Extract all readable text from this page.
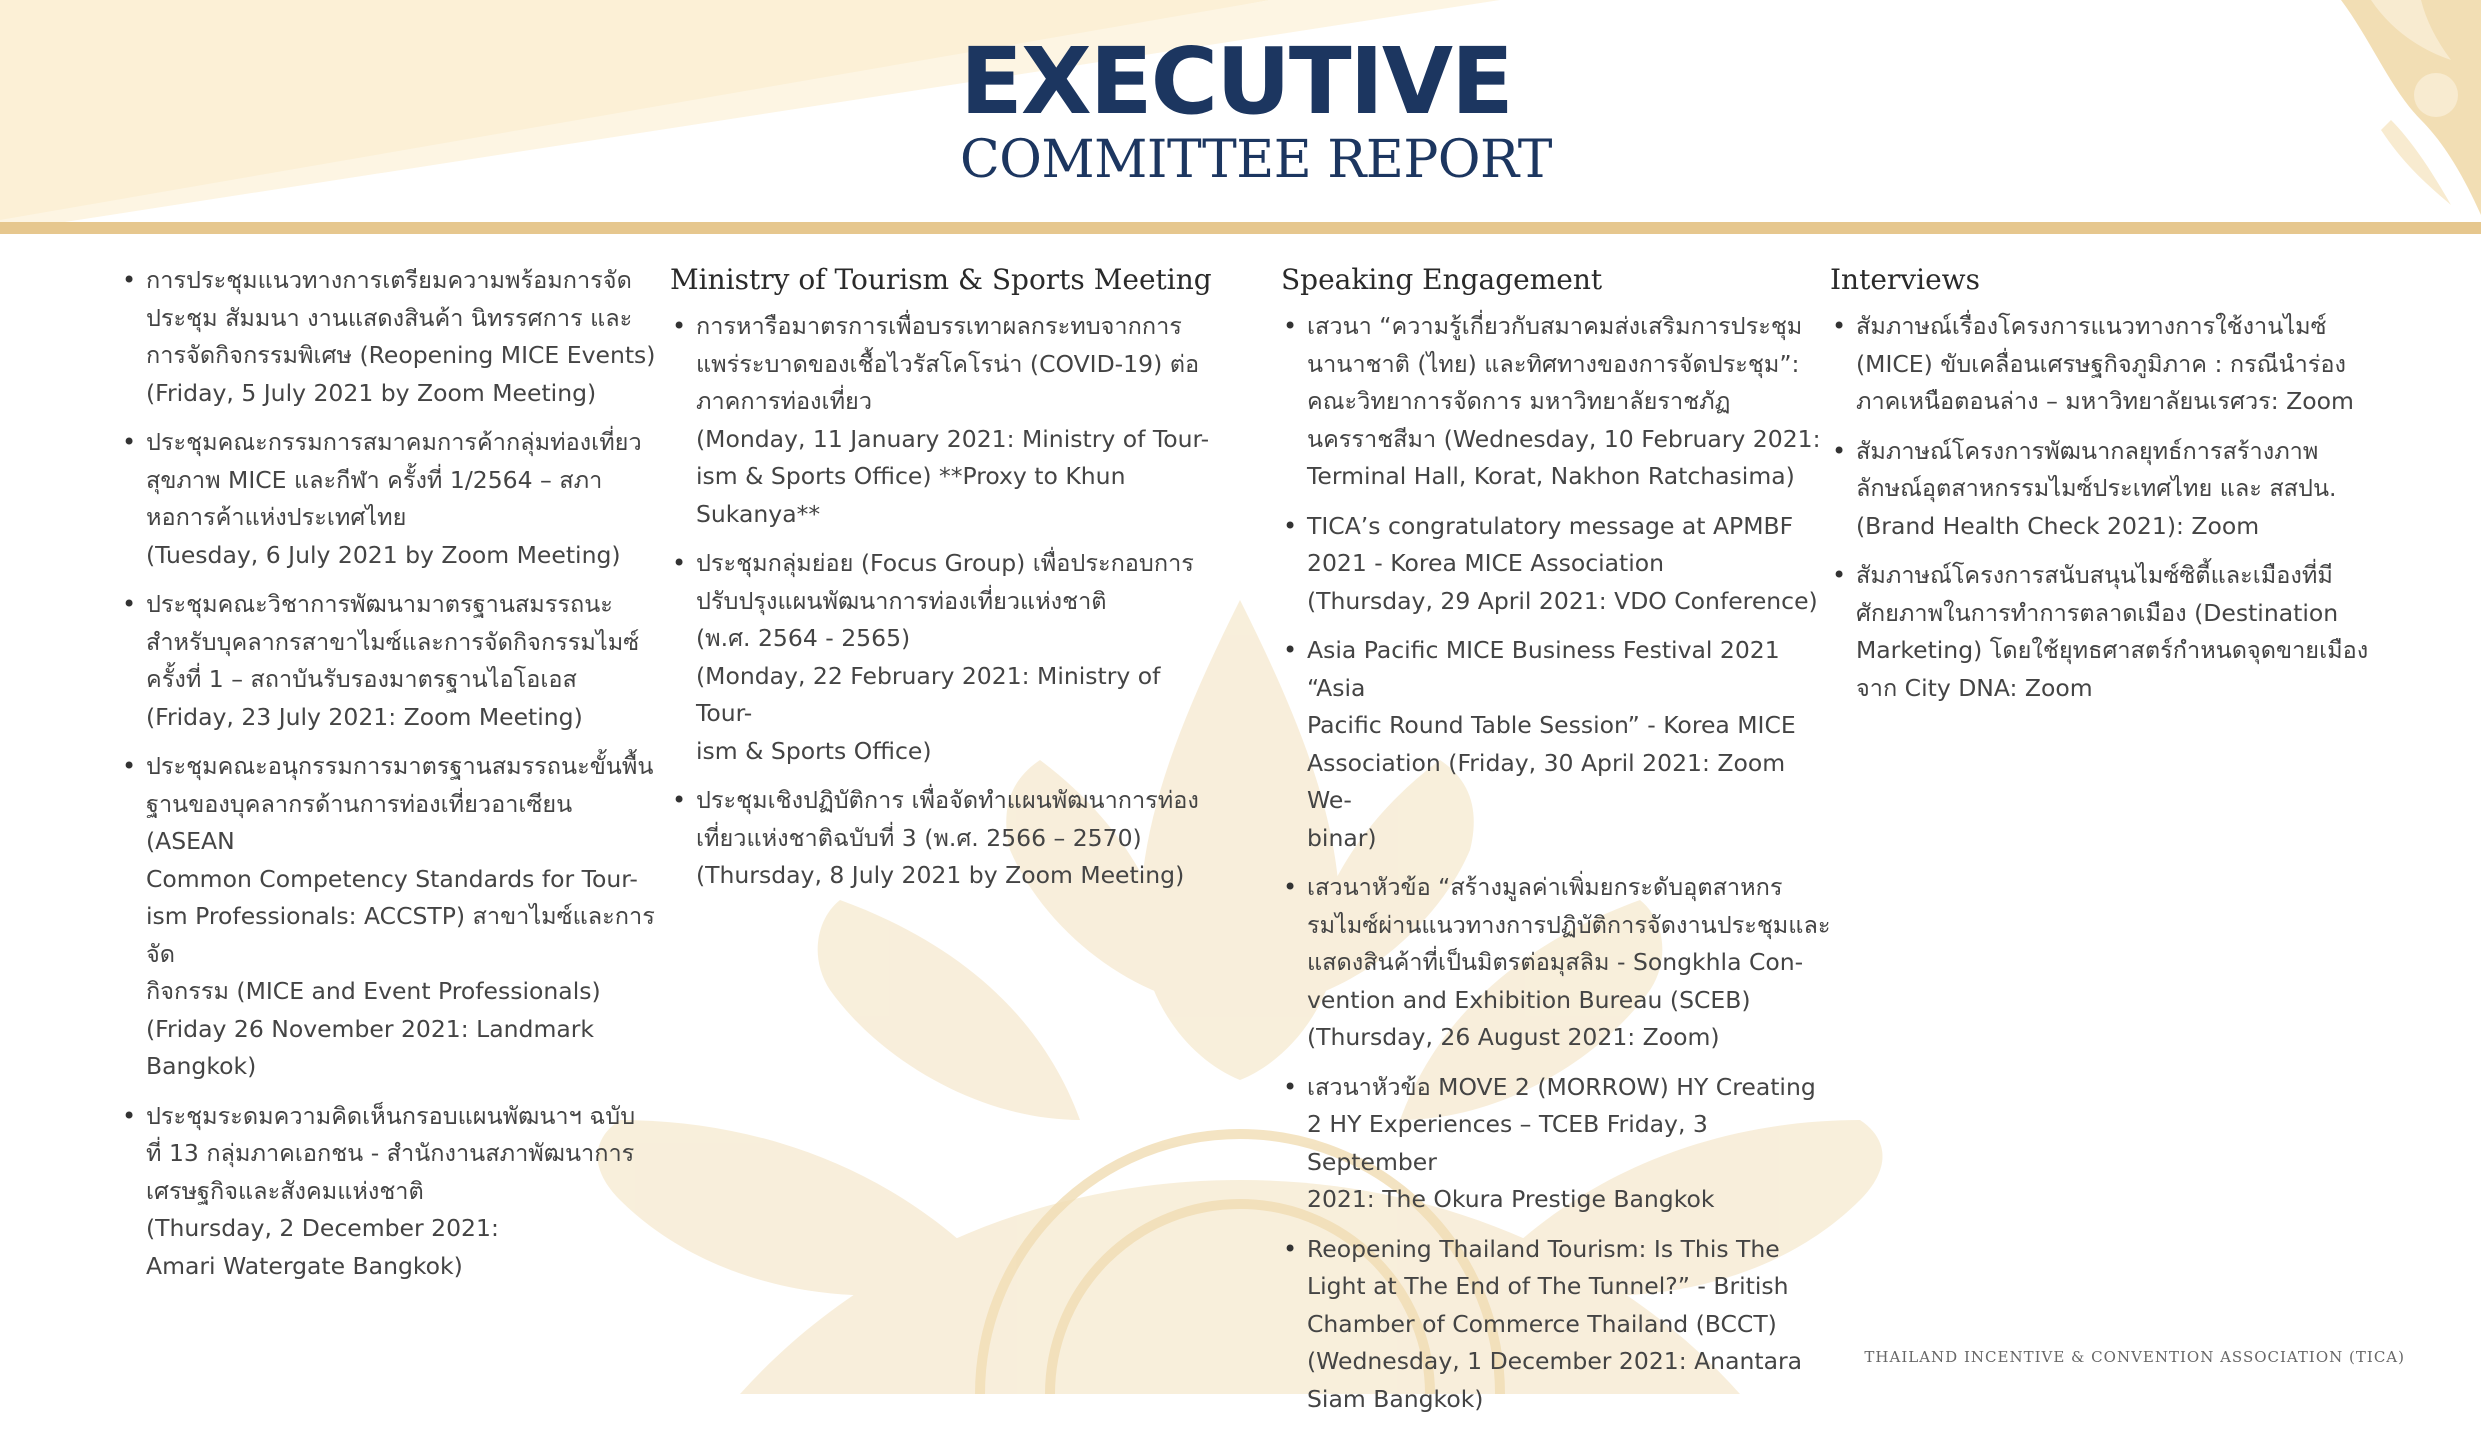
EXECUTIVE
COMMITTEE REPORT
• การประชุมแนวทางการเตรียมความพร้อมการจัด
ประชุม สัมมนา งานแสดงสินค้า นิทรรศการ และ
การจัดกิจกรรมพิเศษ (Reopening MICE Events)
(Friday, 5 July 2021 by Zoom Meeting)
• ประชุมคณะกรรมการสมาคมการค้ากลุ่มท่องเที่ยว
สุขภาพ MICE และกีฬา ครั้งที่ 1/2564 – สภา
หอการค้าแห่งประเทศไทย
(Tuesday, 6 July 2021 by Zoom Meeting)
• ประชุมคณะวิชาการพัฒนามาตรฐานสมรรถนะ
สำหรับบุคลากรสาขาไมซ์และการจัดกิจกรรมไมซ์
ครั้งที่ 1 – สถาบันรับรองมาตรฐานไอโอเอส
(Friday, 23 July 2021: Zoom Meeting)
• ประชุมคณะอนุกรรมการมาตรฐานสมรรถนะขั้นพื้น
ฐานของบุคลากรด้านการท่องเที่ยวอาเซียน (ASEAN
Common Competency Standards for Tour-
ism Professionals: ACCSTP) สาขาไมซ์และการจัด
กิจกรรม (MICE and Event Professionals)
(Friday 26 November 2021: Landmark Bangkok)
• ประชุมระดมความคิดเห็นกรอบแผนพัฒนาฯ ฉบับ
ที่ 13 กลุ่มภาคเอกชน - สำนักงานสภาพัฒนาการ
เศรษฐกิจและสังคมแห่งชาติ
(Thursday, 2 December 2021:
Amari Watergate Bangkok)
Ministry of Tourism & Sports Meeting
• การหารือมาตรการเพื่อบรรเทาผลกระทบจากการ
แพร่ระบาดของเชื้อไวรัสโคโรน่า (COVID-19) ต่อ
ภาคการท่องเที่ยว
(Monday, 11 January 2021: Ministry of Tour-
ism & Sports Office) **Proxy to Khun Sukanya**
• ประชุมกลุ่มย่อย (Focus Group) เพื่อประกอบการ
ปรับปรุงแผนพัฒนาการท่องเที่ยวแห่งชาติ
(พ.ศ. 2564 - 2565)
(Monday, 22 February 2021: Ministry of Tour-
ism & Sports Office)
• ประชุมเชิงปฏิบัติการ เพื่อจัดทำแผนพัฒนาการท่อง
เที่ยวแห่งชาติฉบับที่ 3 (พ.ศ. 2566 – 2570)
(Thursday, 8 July 2021 by Zoom Meeting)
Speaking Engagement
• เสวนา “ความรู้เกี่ยวกับสมาคมส่งเสริมการประชุม
นานาชาติ (ไทย) และทิศทางของการจัดประชุม”:
คณะวิทยาการจัดการ มหาวิทยาลัยราชภัฏ
นครราชสีมา (Wednesday, 10 February 2021:
Terminal Hall, Korat, Nakhon Ratchasima)
• TICA’s congratulatory message at APMBF
2021 - Korea MICE Association
(Thursday, 29 April 2021: VDO Conference)
• Asia Pacific MICE Business Festival 2021 “Asia
Pacific Round Table Session” - Korea MICE
Association (Friday, 30 April 2021: Zoom We-
binar)
• เสวนาหัวข้อ “สร้างมูลค่าเพิ่มยกระดับอุตสาหกร
รมไมซ์ผ่านแนวทางการปฏิบัติการจัดงานประชุมและ
แสดงสินค้าที่เป็นมิตรต่อมุสลิม - Songkhla Con-
vention and Exhibition Bureau (SCEB)
(Thursday, 26 August 2021: Zoom)
• เสวนาหัวข้อ MOVE 2 (MORROW) HY Creating
2 HY Experiences – TCEB Friday, 3 September
2021: The Okura Prestige Bangkok
• Reopening Thailand Tourism: Is This The
Light at The End of The Tunnel?” - British
Chamber of Commerce Thailand (BCCT)
(Wednesday, 1 December 2021: Anantara
Siam Bangkok)
Interviews
• สัมภาษณ์เรื่องโครงการแนวทางการใช้งานไมซ์
(MICE) ขับเคลื่อนเศรษฐกิจภูมิภาค : กรณีนำร่อง
ภาคเหนือตอนล่าง – มหาวิทยาลัยนเรศวร: Zoom
• สัมภาษณ์โครงการพัฒนากลยุทธ์การสร้างภาพ
ลักษณ์อุตสาหกรรมไมซ์ประเทศไทย และ สสปน.
(Brand Health Check 2021): Zoom
• สัมภาษณ์โครงการสนับสนุนไมซ์ซิตี้และเมืองที่มี
ศักยภาพในการทำการตลาดเมือง (Destination
Marketing) โดยใช้ยุทธศาสตร์กำหนดจุดขายเมือง
จาก City DNA: Zoom
THAILAND INCENTIVE & CONVENTION ASSOCIATION (TICA)
